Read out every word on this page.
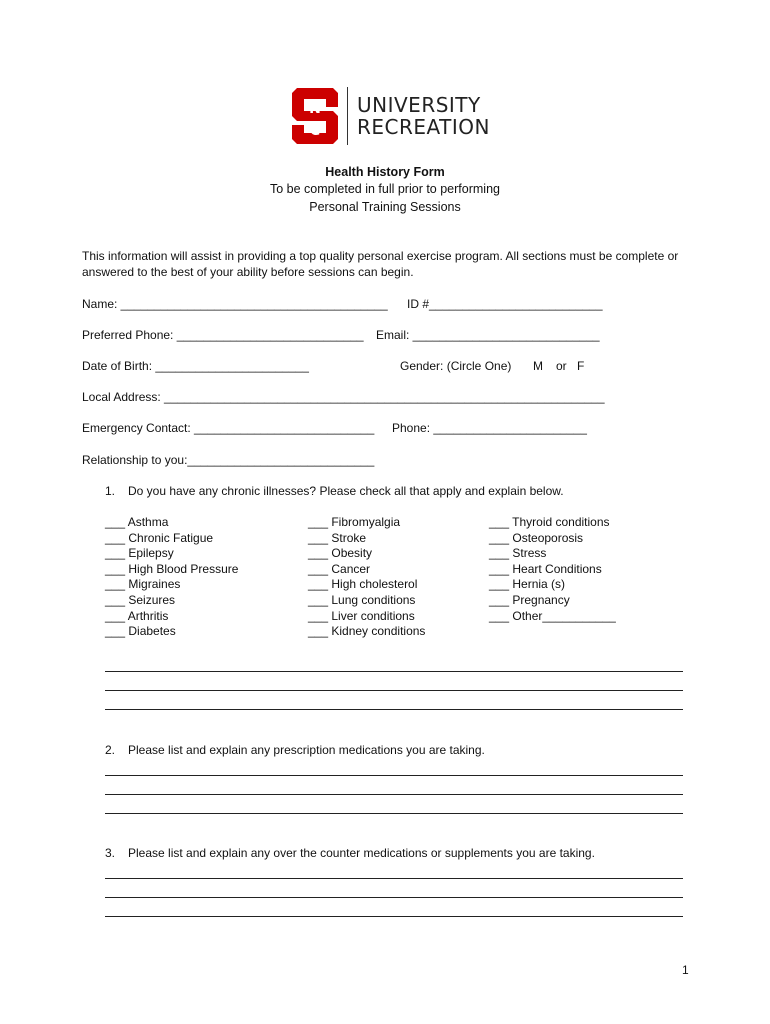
N
C
UNIVERSITY
RECREATION
Health History Form
To be completed in full prior to performing
Personal Training Sessions
This information will assist in providing a top quality personal exercise program. All sections must be complete or answered to the best of your ability before sessions can begin.
Name: ________________________________________ ID #__________________________
Preferred Phone: ____________________________ Email: ____________________________
Date of Birth: _______________________	Gender: (Circle One) M or F
Local Address: __________________________________________________________________
Emergency Contact: ___________________________ Phone: _______________________
Relationship to you:____________________________
1. Do you have any chronic illnesses? Please check all that apply and explain below.
___ Asthma
___ Chronic Fatigue
___ Epilepsy
___ High Blood Pressure
___ Migraines
___ Seizures
___ Arthritis
___ Diabetes
___ Fibromyalgia
___ Stroke
___ Obesity
___ Cancer
___ High cholesterol
___ Lung conditions
___ Liver conditions
___ Kidney conditions
___ Thyroid conditions
___ Osteoporosis
___ Stress
___ Heart Conditions
___ Hernia (s)
___ Pregnancy
___ Other___________
2. Please list and explain any prescription medications you are taking.
3. Please list and explain any over the counter medications or supplements you are taking.
1
